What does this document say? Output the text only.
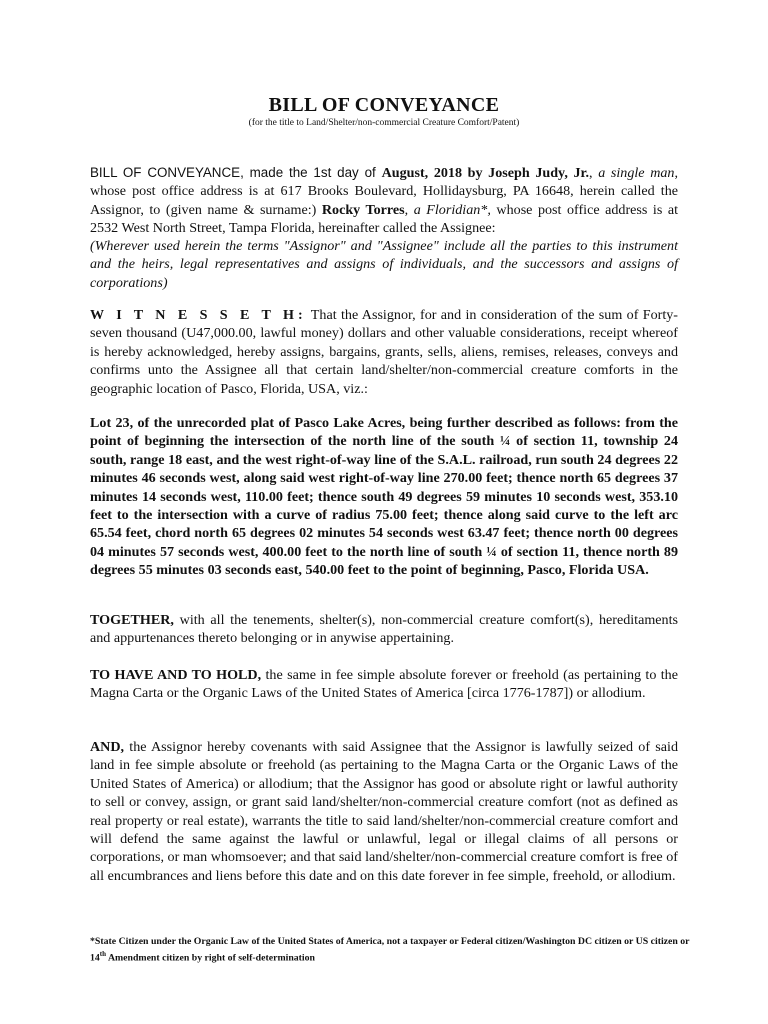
BILL OF CONVEYANCE
(for the title to Land/Shelter/non-commercial Creature Comfort/Patent)
BILL OF CONVEYANCE, made the 1st day of August, 2018 by Joseph Judy, Jr., a single man, whose post office address is at 617 Brooks Boulevard, Hollidaysburg, PA 16648, herein called the Assignor, to (given name & surname:) Rocky Torres, a Floridian*, whose post office address is at 2532 West North Street, Tampa Florida, hereinafter called the Assignee:
(Wherever used herein the terms "Assignor" and "Assignee" include all the parties to this instrument and the heirs, legal representatives and assigns of individuals, and the successors and assigns of corporations)
W I T N E S S E T H: That the Assignor, for and in consideration of the sum of Forty-seven thousand (U47,000.00, lawful money) dollars and other valuable considerations, receipt whereof is hereby acknowledged, hereby assigns, bargains, grants, sells, aliens, remises, releases, conveys and confirms unto the Assignee all that certain land/shelter/non-commercial creature comforts in the geographic location of Pasco, Florida, USA, viz.:
Lot 23, of the unrecorded plat of Pasco Lake Acres, being further described as follows: from the point of beginning the intersection of the north line of the south ¼ of section 11, township 24 south, range 18 east, and the west right-of-way line of the S.A.L. railroad, run south 24 degrees 22 minutes 46 seconds west, along said west right-of-way line 270.00 feet; thence north 65 degrees 37 minutes 14 seconds west, 110.00 feet; thence south 49 degrees 59 minutes 10 seconds west, 353.10 feet to the intersection with a curve of radius 75.00 feet; thence along said curve to the left arc 65.54 feet, chord north 65 degrees 02 minutes 54 seconds west 63.47 feet; thence north 00 degrees 04 minutes 57 seconds west, 400.00 feet to the north line of south ¼ of section 11, thence north 89 degrees 55 minutes 03 seconds east, 540.00 feet to the point of beginning, Pasco, Florida USA.
TOGETHER, with all the tenements, shelter(s), non-commercial creature comfort(s), hereditaments and appurtenances thereto belonging or in anywise appertaining.
TO HAVE AND TO HOLD, the same in fee simple absolute forever or freehold (as pertaining to the Magna Carta or the Organic Laws of the United States of America [circa 1776-1787]) or allodium.
AND, the Assignor hereby covenants with said Assignee that the Assignor is lawfully seized of said land in fee simple absolute or freehold (as pertaining to the Magna Carta or the Organic Laws of the United States of America) or allodium; that the Assignor has good or absolute right or lawful authority to sell or convey, assign, or grant said land/shelter/non-commercial creature comfort (not as defined as real property or real estate), warrants the title to said land/shelter/non-commercial creature comfort and will defend the same against the lawful or unlawful, legal or illegal claims of all persons or corporations, or man whomsoever; and that said land/shelter/non-commercial creature comfort is free of all encumbrances and liens before this date and on this date forever in fee simple, freehold, or allodium.
*State Citizen under the Organic Law of the United States of America, not a taxpayer or Federal citizen/Washington DC citizen or US citizen or 14th Amendment citizen by right of self-determination
